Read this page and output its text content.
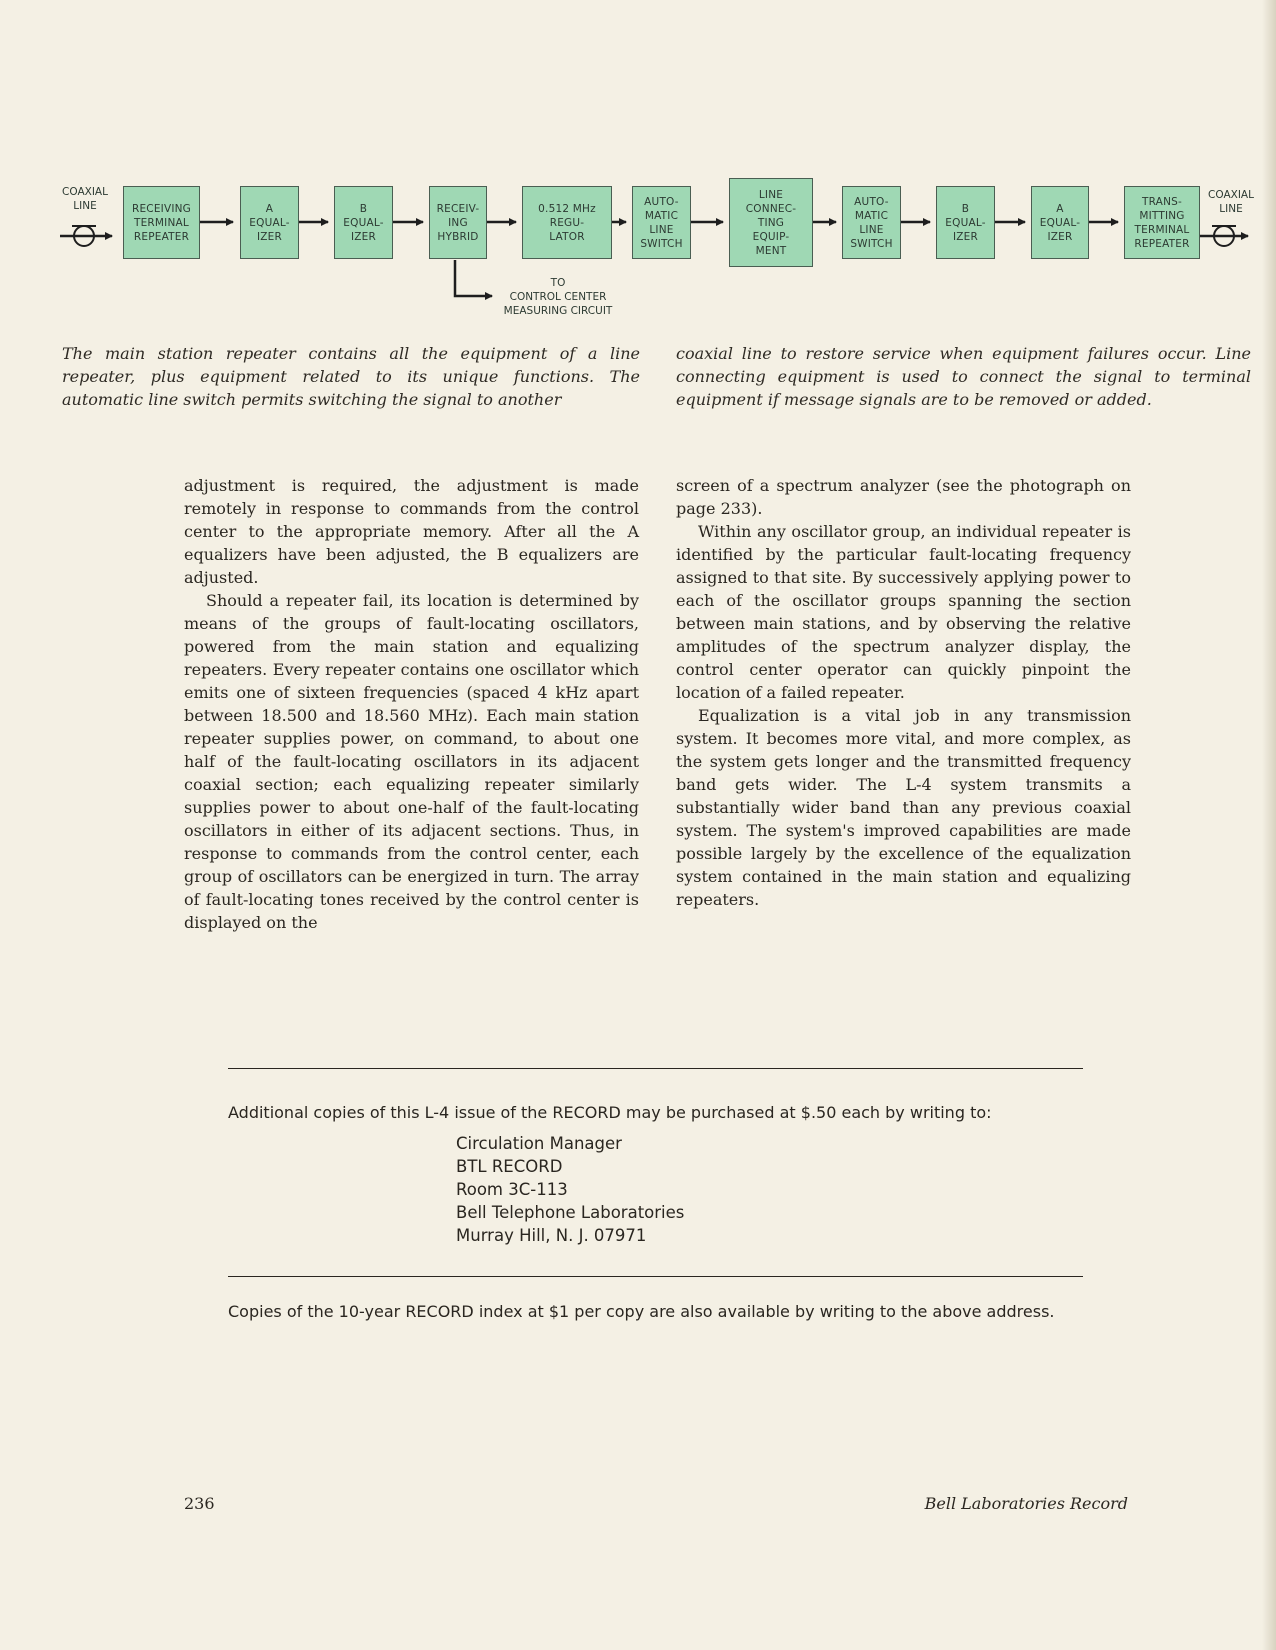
COAXIAL
LINE
COAXIAL
LINE
RECEIVING
TERMINAL
REPEATER
A
EQUAL-
IZER
B
EQUAL-
IZER
RECEIV-
ING
HYBRID
0.512 MHz
REGU-
LATOR
AUTO-
MATIC
LINE
SWITCH
LINE
CONNEC-
TING
EQUIP-
MENT
AUTO-
MATIC
LINE
SWITCH
B
EQUAL-
IZER
A
EQUAL-
IZER
TRANS-
MITTING
TERMINAL
REPEATER
TO
CONTROL CENTER
MEASURING CIRCUIT
The main station repeater contains all the equipment of a line repeater, plus equipment related to its unique functions. The automatic line switch permits switching the signal to another
coaxial line to restore service when equipment failures occur. Line connecting equipment is used to connect the signal to terminal equipment if message signals are to be removed or added.

adjustment is required, the adjustment is made remotely in response to commands from the control center to the appropriate memory. After all the A equalizers have been adjusted, the B equalizers are adjusted.

Should a repeater fail, its location is determined by means of the groups of fault-locating oscillators, powered from the main station and equalizing repeaters. Every repeater contains one oscillator which emits one of sixteen frequencies (spaced 4 kHz apart between 18.500 and 18.560 MHz). Each main station repeater supplies power, on command, to about one half of the fault-locating oscillators in its adjacent coaxial section; each equalizing repeater similarly supplies power to about one-half of the fault-locating oscillators in either of its adjacent sections. Thus, in response to commands from the control center, each group of oscillators can be energized in turn. The array of fault-locating tones received by the control center is displayed on the

screen of a spectrum analyzer (see the photograph on page 233).

Within any oscillator group, an individual repeater is identified by the particular fault-locating frequency assigned to that site. By successively applying power to each of the oscillator groups spanning the section between main stations, and by observing the relative amplitudes of the spectrum analyzer display, the control center operator can quickly pinpoint the location of a failed repeater.

Equalization is a vital job in any transmission system. It becomes more vital, and more complex, as the system gets longer and the transmitted frequency band gets wider. The L-4 system transmits a substantially wider band than any previous coaxial system. The system's improved capabilities are made possible largely by the excellence of the equalization system contained in the main station and equalizing repeaters.

Additional copies of this L-4 issue of the RECORD may be purchased at $.50 each by writing to:
Circulation Manager
BTL RECORD
Room 3C-113
Bell Telephone Laboratories
Murray Hill, N. J. 07971
Copies of the 10-year RECORD index at $1 per copy are also available by writing to the above address.
236	Bell Laboratories Record
